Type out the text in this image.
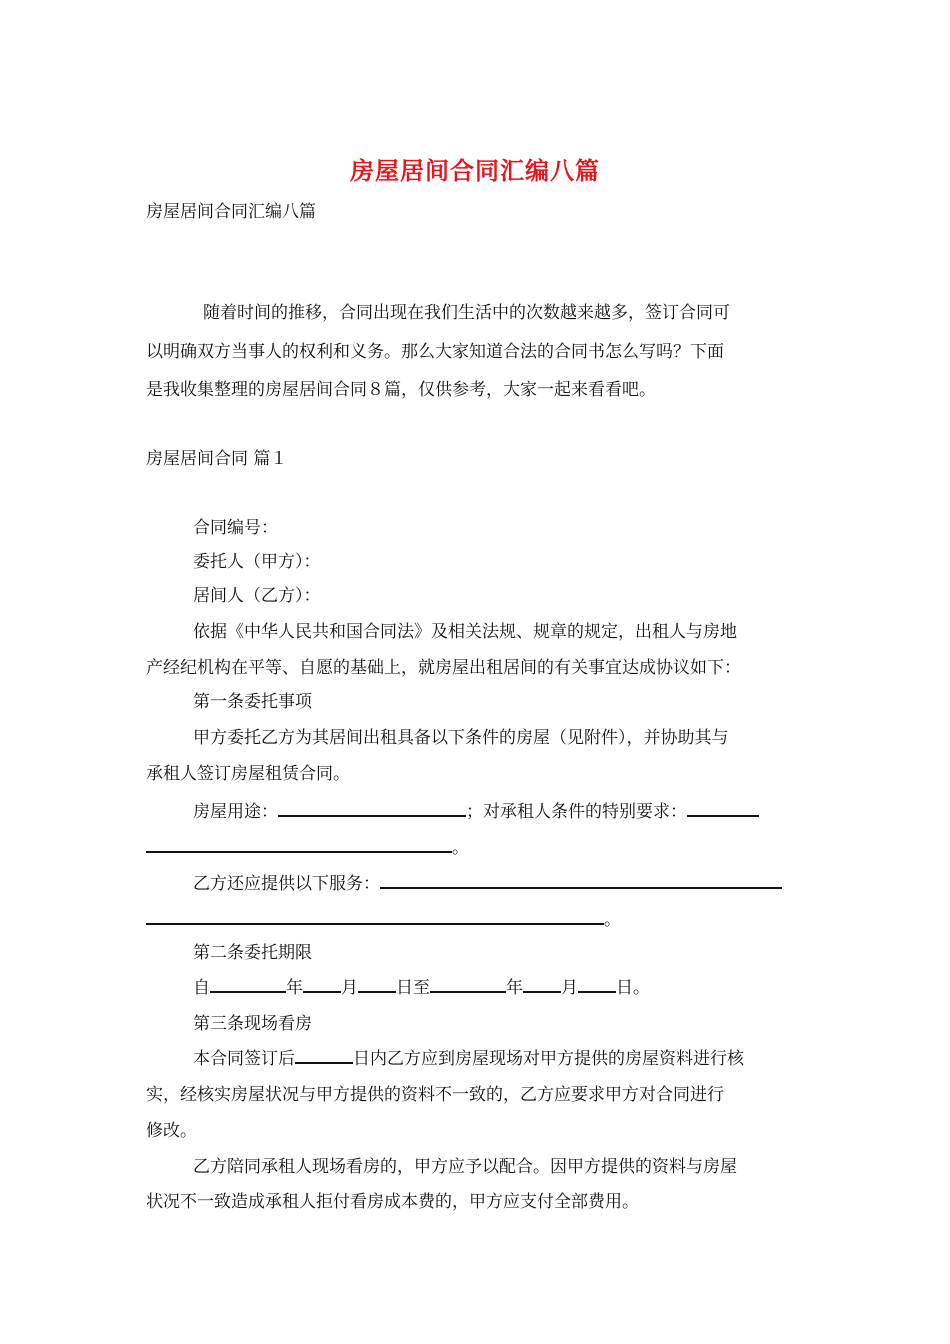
房屋居间合同汇编八篇
房屋居间合同汇编八篇
随着时间的推移，合同出现在我们生活中的次数越来越多，签订合同可
以明确双方当事人的权利和义务。那么大家知道合法的合同书怎么写吗？下面
是我收集整理的房屋居间合同８篇，仅供参考，大家一起来看看吧。
房屋居间合同 篇１
合同编号：
委托人（甲方）：
居间人（乙方）：
依据《中华人民共和国合同法》及相关法规、规章的规定，出租人与房地
产经纪机构在平等、自愿的基础上，就房屋出租居间的有关事宜达成协议如下：
第一条委托事项
甲方委托乙方为其居间出租具备以下条件的房屋（见附件），并协助其与
承租人签订房屋租赁合同。
房屋用途：	；对承租人条件的特别要求：
。
乙方还应提供以下服务：
。
第二条委托期限
自	年 月 日至	年 月 日。
第三条现场看房
本合同签订后	日内乙方应到房屋现场对甲方提供的房屋资料进行核
实，经核实房屋状况与甲方提供的资料不一致的，乙方应要求甲方对合同进行
修改。
乙方陪同承租人现场看房的，甲方应予以配合。因甲方提供的资料与房屋
状况不一致造成承租人拒付看房成本费的，甲方应支付全部费用。
